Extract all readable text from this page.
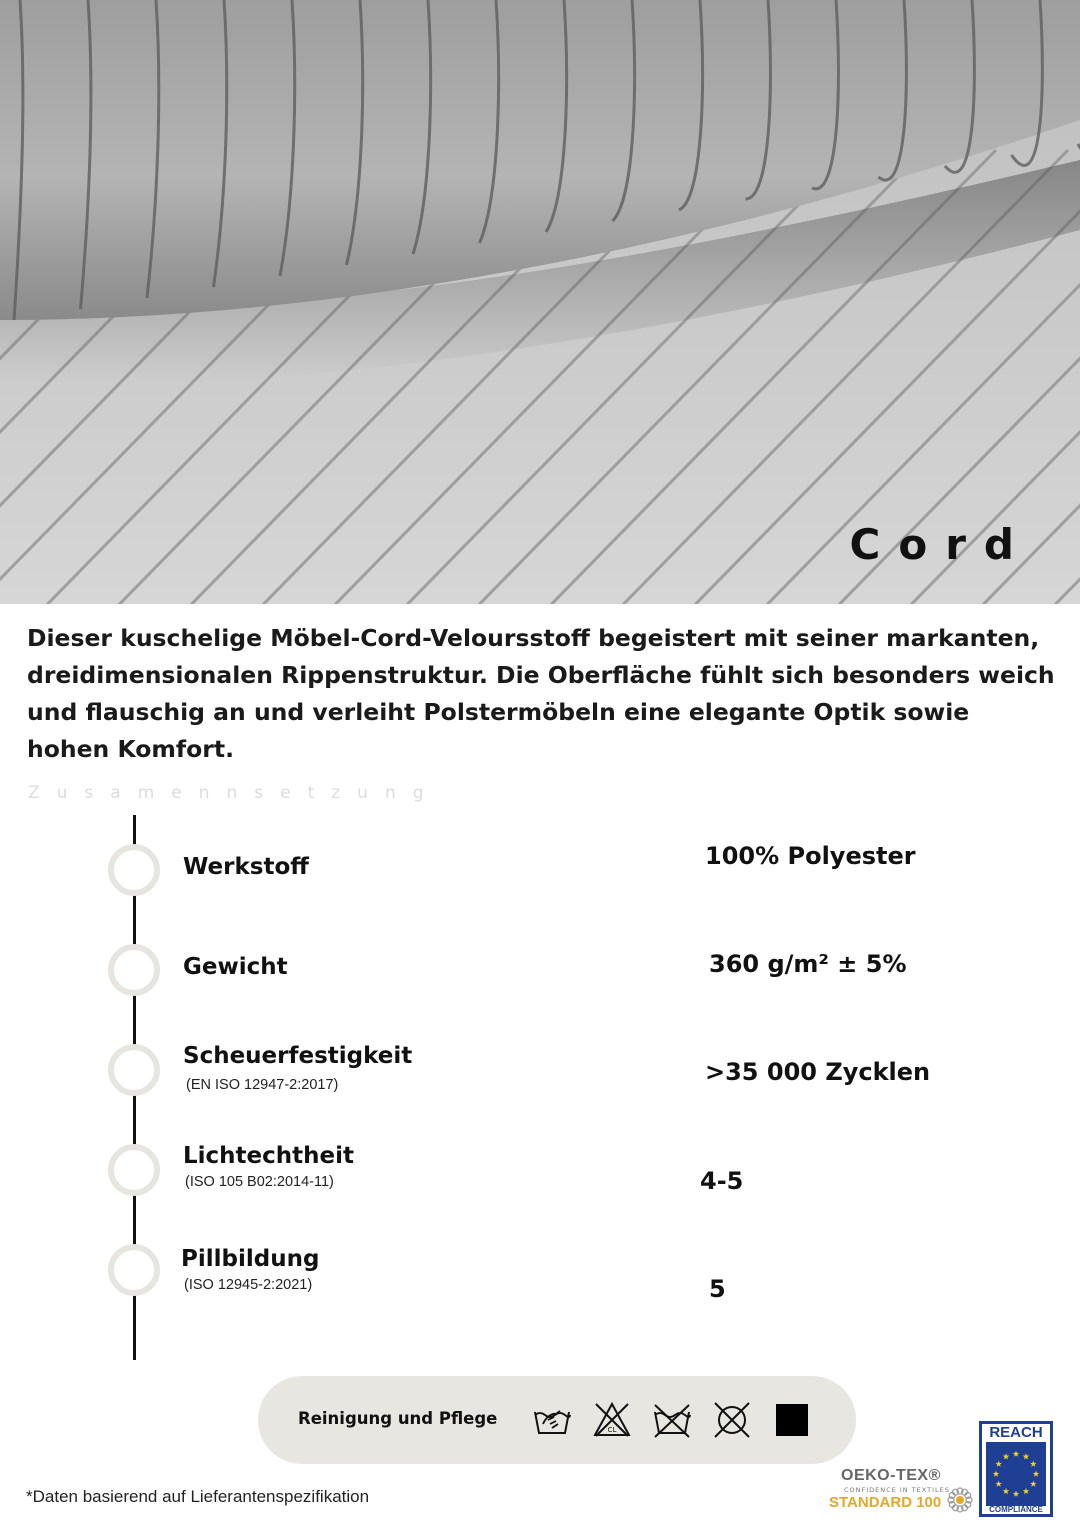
Cord

Dieser kuschelige Möbel-Cord-Veloursstoff begeistert mit seiner markanten, dreidimensionalen Rippenstruktur. Die Oberfläche fühlt sich besonders weich und flauschig an und verleiht Polstermöbeln eine elegante Optik sowie hohen Komfort.

Zusamennsetzung
Werkstoff	100% Polyester
Gewicht	360 g/m² ± 5%
Scheuerfestigkeit
(EN ISO 12947-2:2017)	>35 000 Zycklen
Lichtechtheit
(ISO 105 B02:2014-11)	4-5
Pillbildung
(ISO 12945-2:2021)	5
Reinigung und Pflege
CL
*Daten basierend auf Lieferantenspezifikation
OEKO-TEX®
CONFIDENCE IN TEXTILES
STANDARD 100
REACH
COMPLIANCE
